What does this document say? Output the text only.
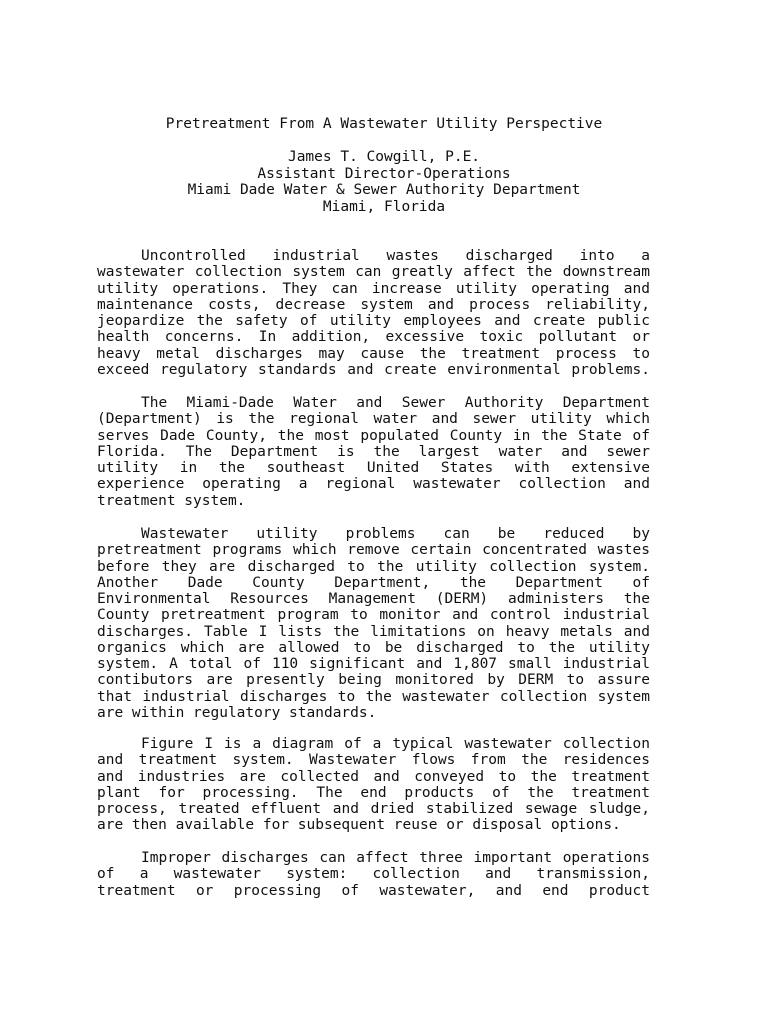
Pretreatment From A Wastewater Utility Perspective
James T. Cowgill, P.E.
Assistant Director-Operations
Miami Dade Water & Sewer Authority Department
Miami, Florida
Uncontrolled industrial wastes discharged into a
wastewater collection system can greatly affect the downstream
utility operations. They can increase utility operating and
maintenance costs, decrease system and process reliability,
jeopardize the safety of utility employees and create public
health concerns. In addition, excessive toxic pollutant or
heavy metal discharges may cause the treatment process to
exceed regulatory standards and create environmental problems.
The Miami-Dade Water and Sewer Authority Department
(Department) is the regional water and sewer utility which
serves Dade County, the most populated County in the State of
Florida. The Department is the largest water and sewer
utility in the southeast United States with extensive
experience operating a regional wastewater collection and
treatment system.
Wastewater utility problems can be reduced by
pretreatment programs which remove certain concentrated wastes
before they are discharged to the utility collection system.
Another Dade County Department, the Department of
Environmental Resources Management (DERM) administers the
County pretreatment program to monitor and control industrial
discharges. Table I lists the limitations on heavy metals and
organics which are allowed to be discharged to the utility
system. A total of 110 significant and 1,807 small industrial
contibutors are presently being monitored by DERM to assure
that industrial discharges to the wastewater collection system
are within regulatory standards.
Figure I is a diagram of a typical wastewater collection
and treatment system. Wastewater flows from the residences
and industries are collected and conveyed to the treatment
plant for processing. The end products of the treatment
process, treated effluent and dried stabilized sewage sludge,
are then available for subsequent reuse or disposal options.
Improper discharges can affect three important operations
of a wastewater system: collection and transmission,
treatment or processing of wastewater, and end product
